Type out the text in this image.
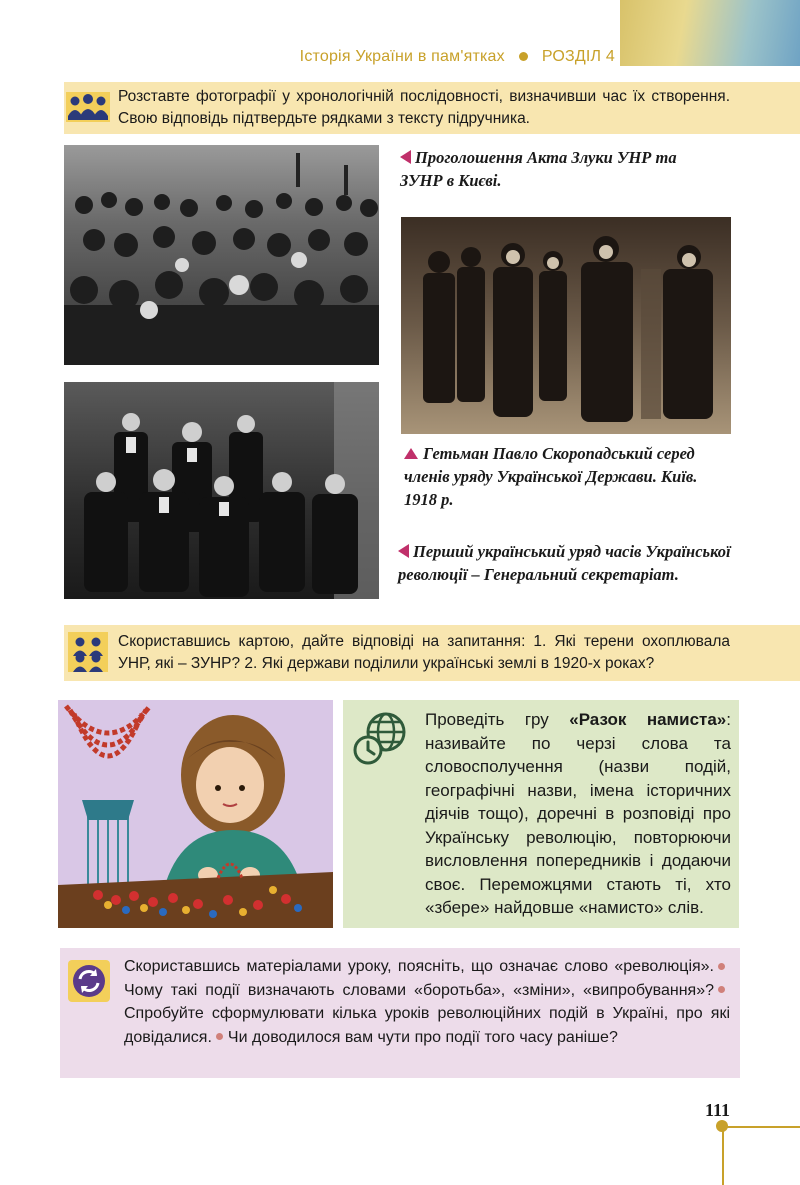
Історія України в пам'ятках РОЗДІЛ 4
Розставте фотографії у хронологічній послідовності, визначивши час їх створення. Свою відповідь підтвердьте рядками з тексту підручника.
Проголошення Акта Злуки УНР та ЗУНР в Києві.
Гетьман Павло Скоропадський серед членів уряду Української Держави. Київ. 1918 р.
Перший український уряд часів Української революції – Генеральний секретаріат.
Скориставшись картою, дайте відповіді на запитання: 1. Які терени охоплювала УНР, які – ЗУНР? 2. Які держави поділили українські землі в 1920-х роках?
Проведіть гру «Разок намиста»: називайте по черзі слова та словосполучення (назви подій, географічні назви, імена історичних діячів тощо), доречні в розповіді про Українську революцію, повторюючи висловлення попередників і додаючи своє. Переможцями стають ті, хто «збере» найдовше «намисто» слів.
Скориставшись матеріалами уроку, поясніть, що означає слово «революція».Чому такі події визначають словами «боротьба», «зміни», «випробування»?Спробуйте сформулювати кілька уроків революційних подій в Україні, про які довідалися. Чи доводилося вам чути про події того часу раніше?
111
